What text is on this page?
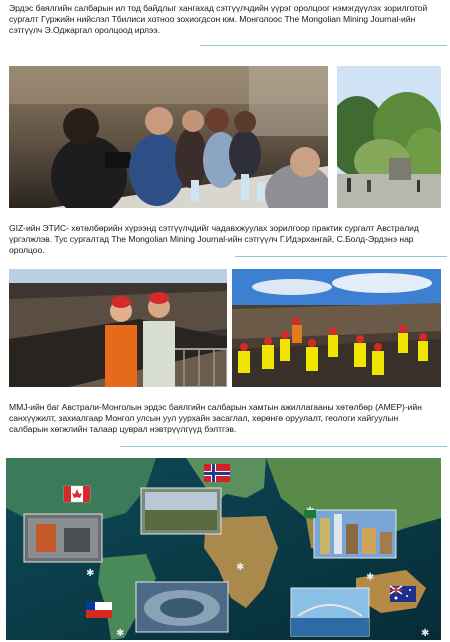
Эрдэс баялгийн салбарын ил тод байдлыг хангахад сэтгүүлчдийн үүрэг оролцоог нэмэгдүүлэх зорилготой сургалт Гүржийн нийслэл Тбилиси хотноо зохиогдсон юм. Монголоос The Mongolian Mining Journal-ийн сэтгүүлч Э.Оджаргал оролцоод ирлээ.
GIZ-ийн ЭТИС- хөтөлбөрийн хүрээнд сэтгүүлчдийг чадавхжуулах зорилгоор практик сургалт Австралид үргэлжлэв. Тус сургалтад The Mongolian Mining Journal-ийн сэтгүүлч Г.Идэрхангай, С.Болд-Эрдэнэ нар оролцоо.
ММJ-ийн баг Австрали-Монголын эрдэс баялгийн салбарын хамтын ажиллагааны хөтөлбөр (AMEP)-ийн санхүүжилт, захиалгаар Монгол улсын уул уурхайн засаглал, хөрөнгө оруулалт, геологи хайгуулын салбарын хөгжлийн талаар цуврал нэвтрүүлгүүд бэлтгэв.
✱
✱
✱
✱	✱
